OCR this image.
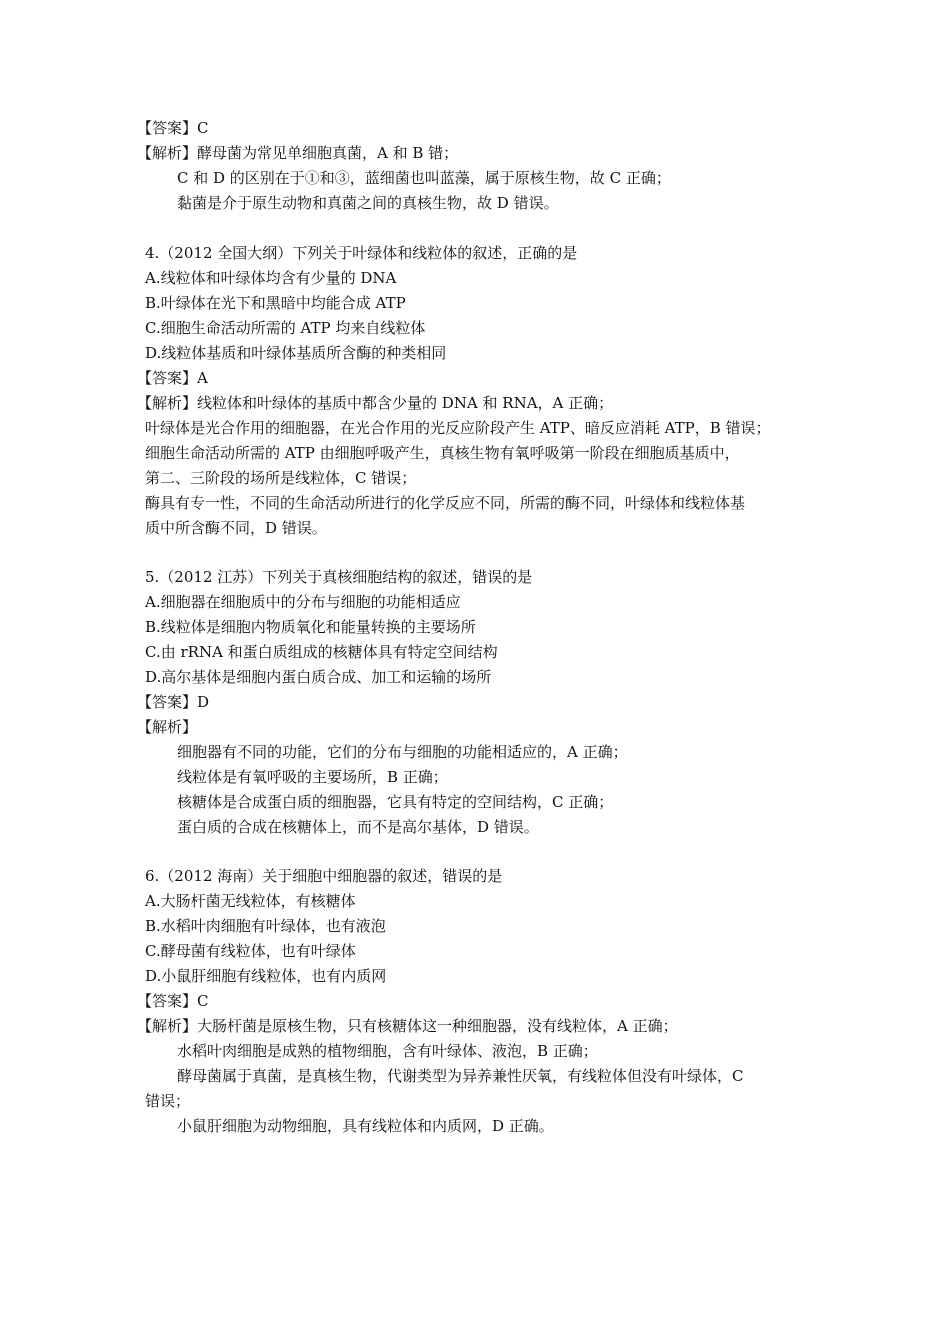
【答案】C
【解析】酵母菌为常见单细胞真菌，A 和 B 错；
C 和 D 的区别在于①和③，蓝细菌也叫蓝藻，属于原核生物，故 C 正确；
黏菌是介于原生动物和真菌之间的真核生物，故 D 错误。
4.（2012 全国大纲）下列关于叶绿体和线粒体的叙述，正确的是
A.线粒体和叶绿体均含有少量的 DNA
B.叶绿体在光下和黑暗中均能合成 ATP
C.细胞生命活动所需的 ATP 均来自线粒体
D.线粒体基质和叶绿体基质所含酶的种类相同
【答案】A
【解析】线粒体和叶绿体的基质中都含少量的 DNA 和 RNA，A 正确；
叶绿体是光合作用的细胞器，在光合作用的光反应阶段产生 ATP、暗反应消耗 ATP，B 错误；
细胞生命活动所需的 ATP 由细胞呼吸产生，真核生物有氧呼吸第一阶段在细胞质基质中，
第二、三阶段的场所是线粒体，C 错误；
酶具有专一性，不同的生命活动所进行的化学反应不同，所需的酶不同，叶绿体和线粒体基
质中所含酶不同，D 错误。
5.（2012 江苏）下列关于真核细胞结构的叙述，错误的是
A.细胞器在细胞质中的分布与细胞的功能相适应
B.线粒体是细胞内物质氧化和能量转换的主要场所
C.由 rRNA 和蛋白质组成的核糖体具有特定空间结构
D.高尔基体是细胞内蛋白质合成、加工和运输的场所
【答案】D
【解析】
细胞器有不同的功能，它们的分布与细胞的功能相适应的，A 正确；
线粒体是有氧呼吸的主要场所，B 正确；
核糖体是合成蛋白质的细胞器，它具有特定的空间结构，C 正确；
蛋白质的合成在核糖体上，而不是高尔基体，D 错误。
6.（2012 海南）关于细胞中细胞器的叙述，错误的是
A.大肠杆菌无线粒体，有核糖体
B.水稻叶肉细胞有叶绿体，也有液泡
C.酵母菌有线粒体，也有叶绿体
D.小鼠肝细胞有线粒体，也有内质网
【答案】C
【解析】大肠杆菌是原核生物，只有核糖体这一种细胞器，没有线粒体，A 正确；
水稻叶肉细胞是成熟的植物细胞，含有叶绿体、液泡，B 正确；
酵母菌属于真菌，是真核生物，代谢类型为异养兼性厌氧，有线粒体但没有叶绿体，C
错误；
小鼠肝细胞为动物细胞，具有线粒体和内质网，D 正确。
